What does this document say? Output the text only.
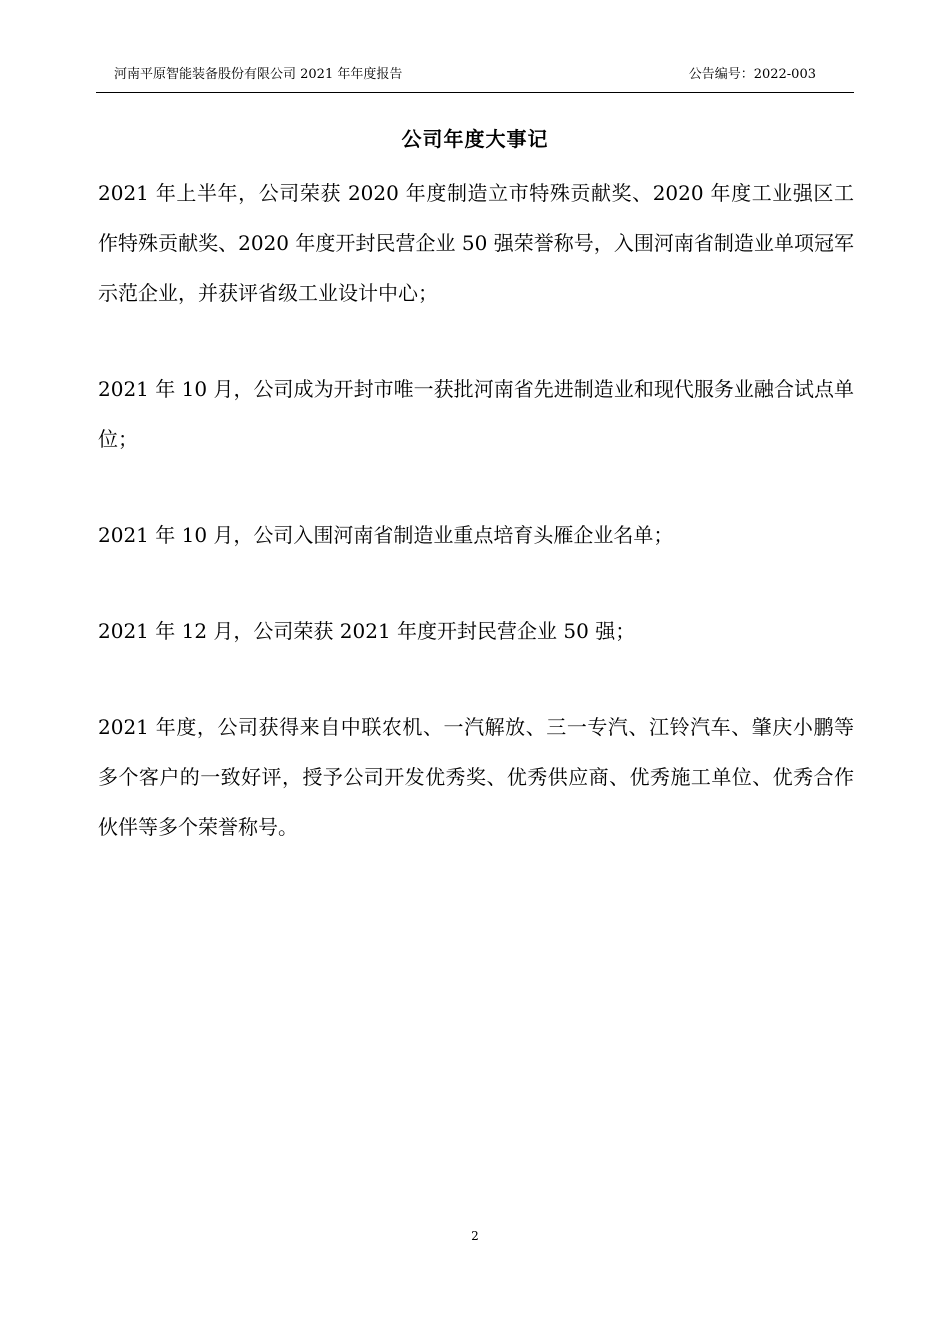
河南平原智能装备股份有限公司 2021 年年度报告	公告编号：2022-003
公司年度大事记

2021 年上半年，公司荣获 2020 年度制造立市特殊贡献奖、2020 年度工业强区工作特殊贡献奖、2020 年度开封民营企业 50 强荣誉称号，入围河南省制造业单项冠军示范企业，并获评省级工业设计中心；

2021 年 10 月，公司成为开封市唯一获批河南省先进制造业和现代服务业融合试点单位；

2021 年 10 月，公司入围河南省制造业重点培育头雁企业名单；

2021 年 12 月，公司荣获 2021 年度开封民营企业 50 强；

2021 年度，公司获得来自中联农机、一汽解放、三一专汽、江铃汽车、肇庆小鹏等多个客户的一致好评，授予公司开发优秀奖、优秀供应商、优秀施工单位、优秀合作伙伴等多个荣誉称号。

2
